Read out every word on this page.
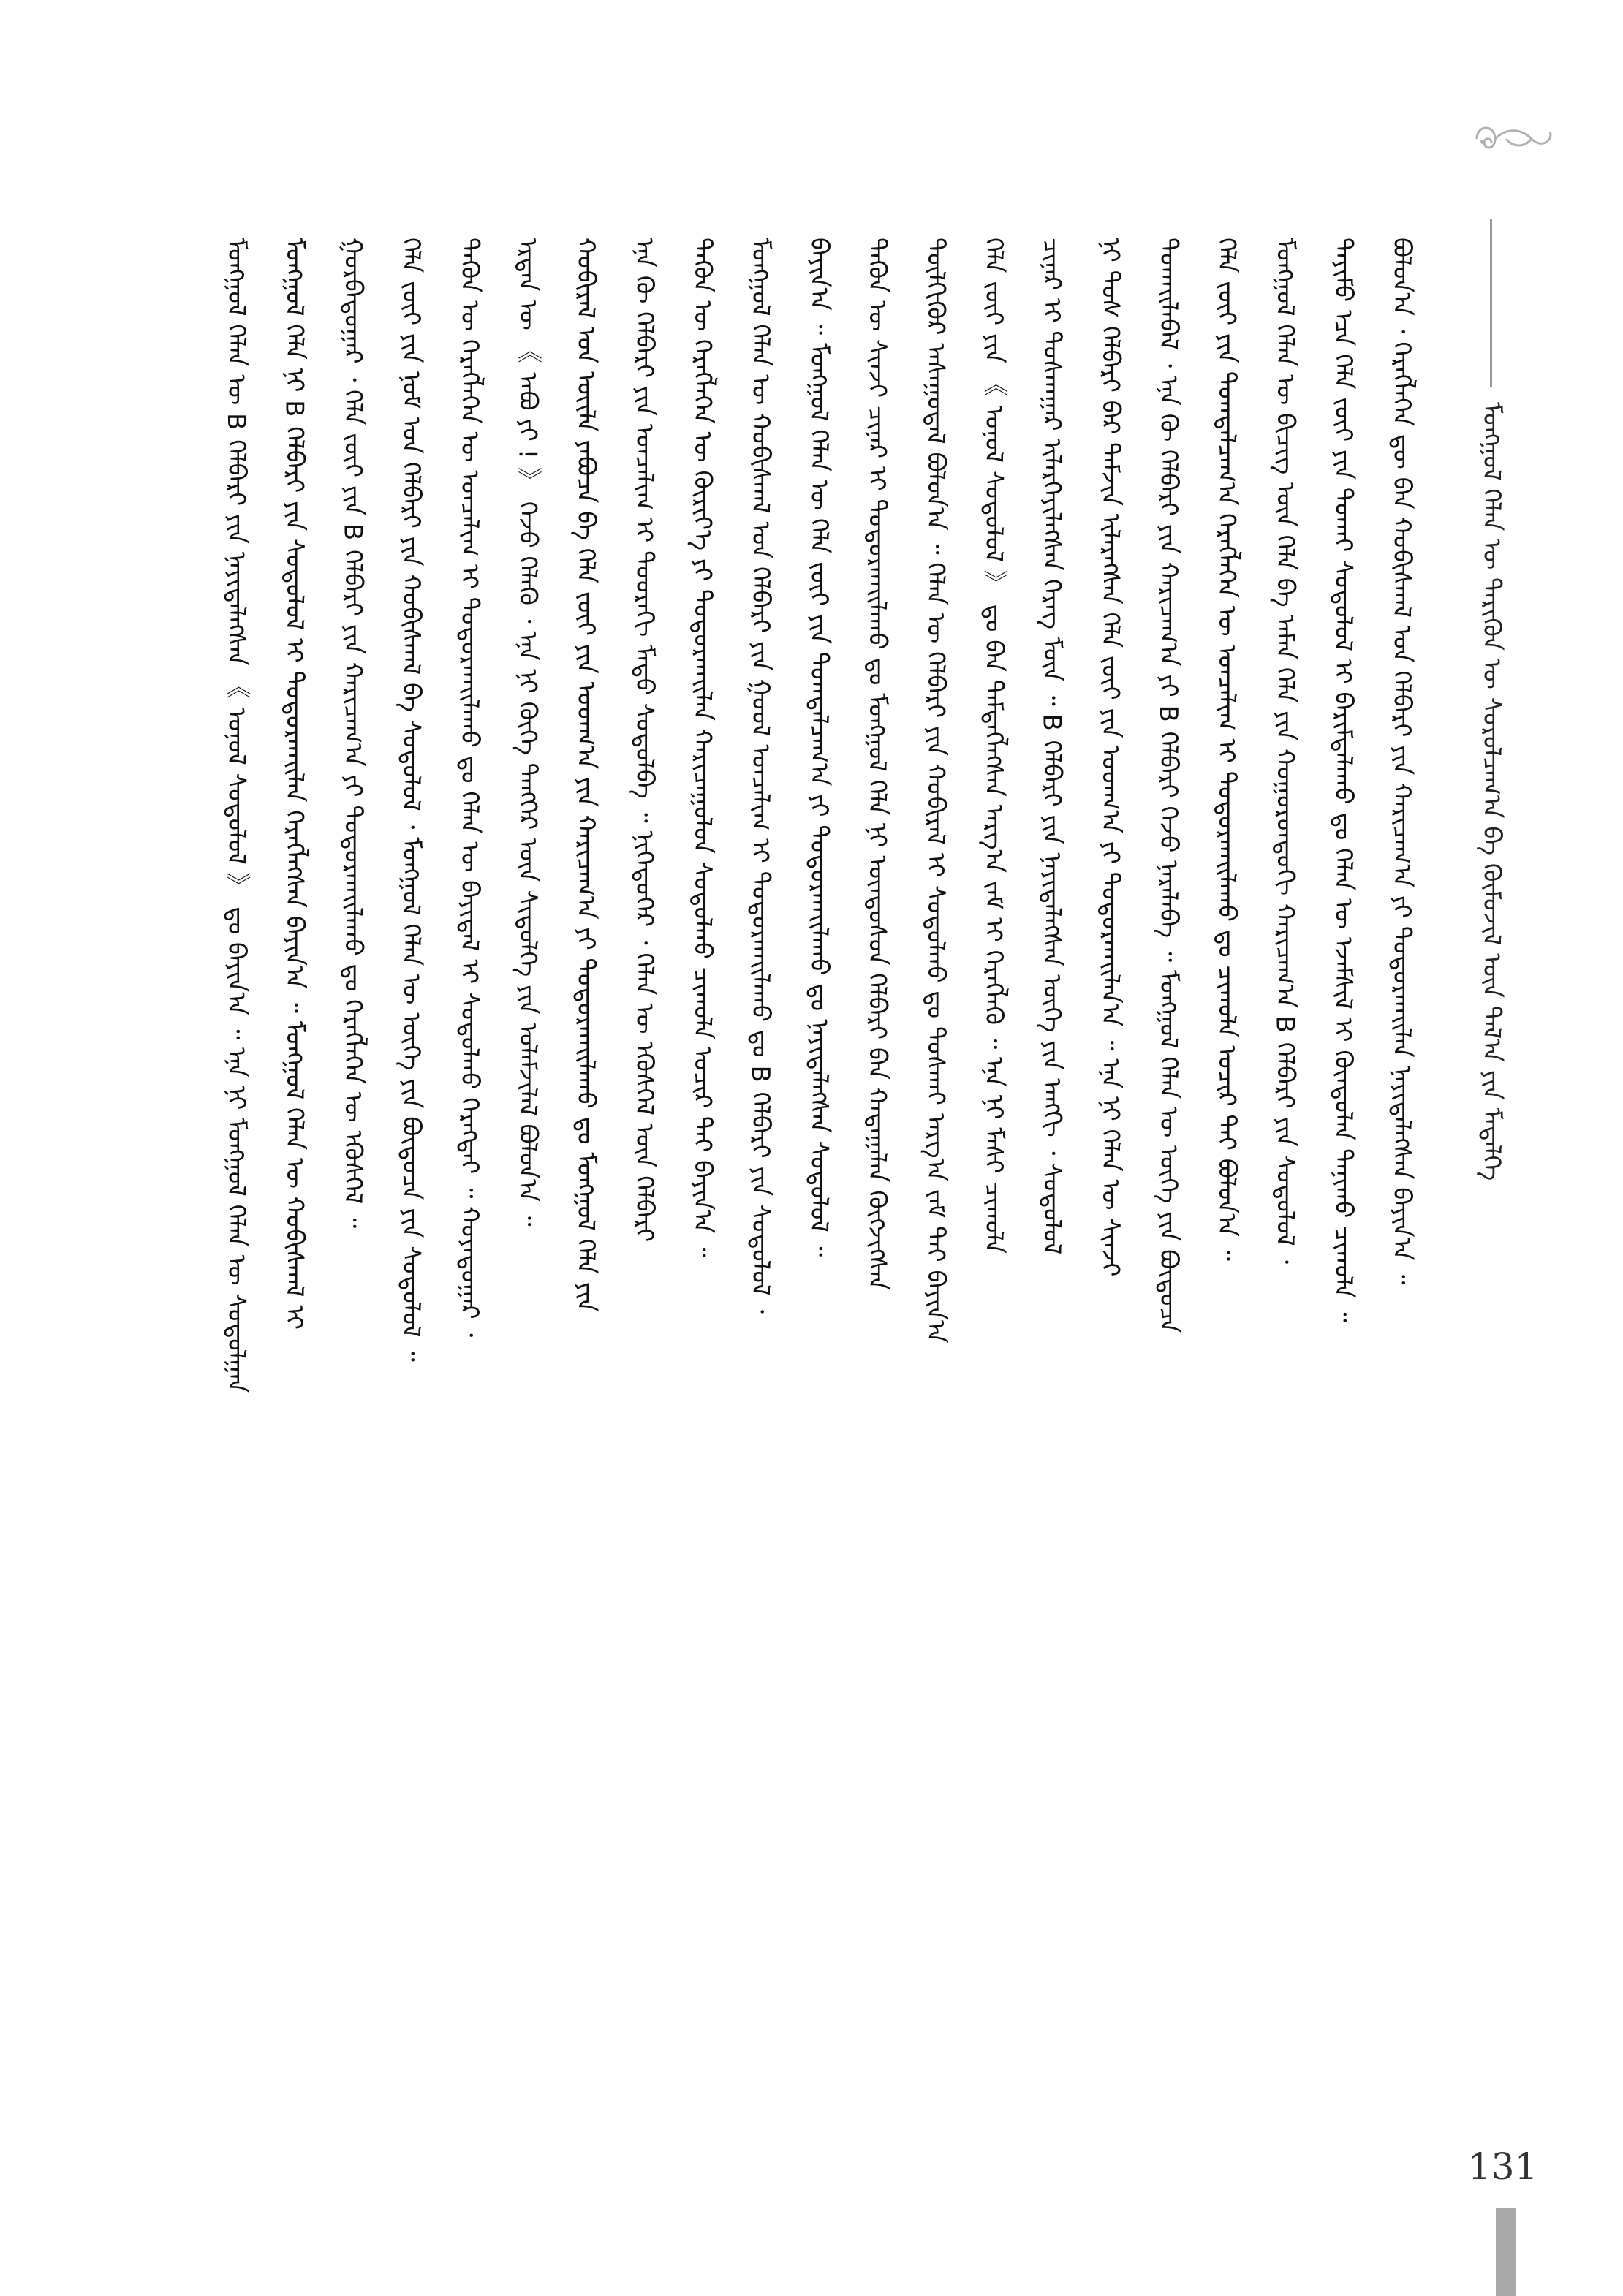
ᠮᠣᠩᠭᠣᠯ ᠬᠡᠯᠡᠨ ᠦ ᠲᠡᠷᠢᠭᠦᠨ ᠦ ᠰᠤᠷᠤᠯᠴᠠᠭ᠎ᠠ ᠪᠠ ᠬᠦᠮᠦᠵᠢᠯ ᠦᠨ ᠲᠠᠯ᠎ᠠ ᠶᠢᠨ ᠮᠡᠳᠡᠯᠭᠡ
ᠪᠣᠯᠤᠨ᠎ᠠ ᠂ ᠬᠡᠷᠡᠭᠯᠡᠭᠡᠨ ᠳᠦ ᠪᠠᠨ ᠬᠤᠪᠢᠰᠬᠠᠯ ᠤᠨ ᠬᠡᠯᠪᠡᠷᠢ ᠶᠢᠨ ᠬᠠᠷᠢᠴᠠᠭ᠎ᠠ ᠶᠢ ᠲᠣᠳᠤᠷᠬᠠᠢᠯᠠᠨ ᠨᠡᠶᠢᠲᠡᠯᠡᠭᠰᠡᠨ ᠪᠠᠶᠢᠨ᠎ᠠ ᠃
ᠲᠡᠶᠢᠮᠦ ᠡᠴᠡ ᠬᠡᠯᠡ ᠵᠦᠢ ᠶᠢᠨ ᠲᠤᠬᠠᠢ ᠰᠤᠳᠤᠯᠤᠯ ᠢ ᠪᠠᠷᠢᠮᠲᠠᠯᠠᠬᠤ ᠳᠤ ᠬᠡᠯᠡᠨ ᠦ ᠡᠵᠡᠮᠰᠢᠯ ᠢ ᠬᠦᠨᠳᠦᠯᠡᠨ ᠲᠠᠨᠢᠬᠤ ᠴᠢᠬᠤᠯᠠ ᠃
ᠮᠣᠩᠭᠣᠯ ᠬᠡᠯᠡᠨ ᠦ ᠪᠢᠴᠢᠭ ᠦᠨ ᠬᠡᠯᠡ ᠪᠠ ᠠᠮᠠᠨ ᠬᠡᠯᠡ ᠶᠢᠨ ᠬᠣᠭᠣᠷᠣᠨᠳᠣᠬᠢ ᠬᠠᠷᠢᠴᠠᠭ᠎ᠠ B ᠬᠡᠯᠪᠡᠷᠢ ᠶᠢᠨ ᠰᠤᠳᠤᠯᠤᠯ ᠂
ᠬᠡᠯᠡ ᠵᠦᠢ ᠶᠢᠨ ᠲᠣᠭᠲᠠᠯᠴᠠᠭ᠎ᠠ ᠬᠡᠷᠡᠭᠯᠡᠭᠡᠨ ᠦ ᠣᠨᠴᠠᠯᠢᠭ ᠢ ᠲᠣᠳᠤᠷᠬᠠᠢᠯᠠᠬᠤ ᠳᠤ ᠴᠢᠬᠤᠯᠠ ᠤᠴᠢᠷ ᠲᠠᠢ ᠪᠣᠯᠤᠨ᠎ᠠ ᠃
ᠲᠤᠬᠠᠢᠯᠠᠪᠠᠯ ᠂ ᠡᠨᠡ ᠬᠦ ᠬᠡᠯᠪᠡᠷᠢ ᠶᠢᠨ ᠬᠠᠷᠢᠴᠠᠭ᠎ᠠ ᠶᠢ B ᠬᠡᠯᠪᠡᠷᠢ ᠭᠡᠵᠦ ᠨᠡᠷᠡᠯᠡᠪᠡ ᠃ ᠮᠣᠩᠭᠣᠯ ᠬᠡᠯᠡᠨ ᠦ ᠦᠭᠡ ᠶᠢᠨ ᠪᠦᠲᠦᠴᠡ
ᠨᠢ ᠲᠤᠰ ᠬᠡᠯᠪᠡᠷᠢ ᠪᠠᠷ ᠳᠠᠮᠵᠢᠨ ᠢᠯᠡᠷᠡᠭᠰᠡᠨ ᠬᠡᠯᠡ ᠵᠦᠢ ᠶᠢᠨ ᠤᠳᠬ᠎ᠠ ᠶᠢ ᠲᠣᠳᠤᠷᠬᠠᠢᠯᠠᠨ᠎ᠠ ᠃ ᠡᠨᠡ ᠨᠢ ᠬᠡᠯᠡᠨ ᠦ ᠰᠢᠨᠵᠢ
ᠴᠢᠨᠠᠷ ᠢ ᠲᠤᠰᠬᠠᠭᠠᠷ ᠢᠯᠡᠷᠬᠡᠶᠢᠯᠡᠭᠰᠡᠨ ᠬᠡᠷᠡᠭ ᠮᠥᠨ ᠃ B ᠬᠡᠯᠪᠡᠷᠢ ᠶᠢᠨ ᠨᠡᠶᠢᠲᠡᠯᠡᠭᠰᠡᠨ ᠦᠭᠡ ᠶᠢᠨ ᠠᠩᠭᠢ ᠂ ᠰᠤᠳᠤᠯᠤᠯ
ᠬᠡᠯᠡ ᠵᠦᠢ ᠶᠢᠨ 《 ᠣᠨᠤᠯ ᠰᠤᠳᠤᠯᠤᠯ 》 ᠳᠤ ᠪᠠᠨ ᠲᠡᠮᠳᠡᠭᠯᠡᠭᠰᠡᠨ ᠠᠷᠭ᠎ᠠ ᠵᠠᠮ ᠢ ᠬᠡᠷᠡᠭᠯᠡᠬᠦ ᠃ ᠡᠨᠡ ᠨᠢ ᠮᠠᠰᠢ ᠴᠢᠬᠤᠯᠠ
ᠲᠦᠯᠬᠢᠭᠦᠷ ᠠᠰᠠᠭᠤᠳᠠᠯ ᠪᠣᠯᠤᠨ᠎ᠠ ᠃ ᠬᠡᠯᠡᠨ ᠦ ᠬᠡᠯᠪᠡᠷᠢ ᠶᠢᠨ ᠬᠤᠪᠢᠷᠠᠯ ᠢ ᠰᠤᠳᠤᠯᠬᠤ ᠳᠤ ᠲᠤᠰᠬᠠᠢ ᠠᠷᠭ᠎ᠠ ᠵᠠᠮ ᠲᠠᠢ ᠪᠠᠶᠢᠨ᠎ᠠ
ᠲᠡᠭᠦᠨ ᠦ ᠰᠢᠨᠵᠢ ᠴᠢᠨᠠᠷ ᠢ ᠲᠣᠳᠤᠷᠬᠠᠢᠯᠠᠬᠤ ᠳᠤ ᠮᠣᠩᠭᠣᠯ ᠬᠡᠯᠡ ᠨᠢ ᠦᠨᠳᠦᠰᠦᠨ ᠬᠡᠯᠪᠡᠷᠢ ᠪᠡᠨ ᠬᠠᠳᠠᠭᠠᠯᠠᠨ ᠬᠥᠭᠵᠢᠭᠰᠡᠨ
ᠪᠠᠶᠢᠨ᠎ᠠ ᠃ ᠮᠣᠩᠭᠣᠯ ᠬᠡᠯᠡᠨ ᠦ ᠬᠡᠯᠡ ᠵᠦᠢ ᠶᠢᠨ ᠲᠣᠭᠲᠠᠯᠴᠠᠭ᠎ᠠ ᠶᠢ ᠲᠣᠳᠤᠷᠬᠠᠢᠯᠠᠬᠤ ᠳᠤ ᠨᠡᠶᠢᠲᠡᠯᠡᠭᠰᠡᠨ ᠰᠤᠳᠤᠯᠤᠯ ᠃
ᠮᠣᠩᠭᠣᠯ ᠬᠡᠯᠡᠨ ᠦ ᠬᠤᠪᠢᠰᠬᠠᠯ ᠤᠨ ᠬᠡᠯᠪᠡᠷᠢ ᠶᠢᠨ ᠭᠣᠣᠯ ᠣᠨᠴᠠᠯᠢᠭ ᠢ ᠲᠣᠳᠤᠷᠬᠠᠢᠯᠠᠬᠤ ᠳᠤ B ᠬᠡᠯᠪᠡᠷᠢ ᠶᠢᠨ ᠰᠤᠳᠤᠯᠤᠯ ᠂
ᠲᠡᠭᠦᠨ ᠦ ᠬᠡᠷᠡᠭᠯᠡᠭᠡᠨ ᠦ ᠬᠦᠷᠢᠶ᠎ᠡ ᠶᠢ ᠲᠣᠳᠤᠷᠬᠠᠢᠯᠠᠨ ᠬᠠᠷᠢᠴᠠᠭᠤᠯᠤᠨ ᠰᠤᠳᠤᠯᠬᠤ ᠴᠢᠬᠤᠯᠠ ᠤᠴᠢᠷ ᠲᠠᠢ ᠪᠠᠶᠢᠨ᠎ᠠ ᠃
ᠡᠨᠡ ᠬᠦ ᠬᠡᠯᠪᠡᠷᠢ ᠶᠢᠨ ᠣᠨᠴᠠᠯᠢᠭ ᠢ ᠳᠣᠣᠷᠠᠬᠢ ᠮᠡᠲᠦ ᠰᠤᠳᠤᠯᠪᠠ ᠃ ᠨᠢᠭᠡᠳᠦᠭᠡᠷ ᠂ ᠬᠡᠯᠡᠨ ᠦ ᠡᠭᠦᠰᠬᠡᠯ ᠦᠨ ᠬᠡᠯᠪᠡᠷᠢ
ᠬᠤᠪᠢᠷᠠᠯ ᠤᠨ ᠦᠢᠯᠡ ᠶᠠᠪᠤᠴᠠ ᠪᠠ ᠬᠡᠯᠡ ᠵᠦᠢ ᠶᠢᠨ ᠤᠳᠬ᠎ᠠ ᠶᠢᠨ ᠬᠠᠷᠢᠴᠠᠭ᠎ᠠ ᠶᠢ ᠲᠣᠳᠤᠷᠬᠠᠢᠯᠠᠬᠤ ᠳᠤ ᠮᠣᠩᠭᠣᠯ ᠬᠡᠯᠡ ᠶᠢᠨ
ᠡᠷᠲᠡᠨ ᠦ 《 ᠠᠪᠤ ᠶᠢ ! 》 ᠭᠡᠵᠦ ᠬᠡᠯᠡᠬᠦ ᠂ ᠡᠨᠡ ᠨᠢ ᠬᠥᠬᠡ ᠲᠡᠩᠭᠡᠷ ᠦᠨ ᠰᠢᠲᠦᠯᠭᠡ ᠶᠢᠨ ᠤᠯᠠᠮᠵᠢᠯᠠᠯ ᠪᠣᠯᠤᠨ᠎ᠠ ᠃
ᠲᠡᠭᠦᠨ ᠦ ᠬᠡᠷᠡᠭᠯᠡᠭᠡᠨ ᠦ ᠣᠨᠴᠠᠯᠢᠭ ᠢ ᠲᠣᠳᠤᠷᠬᠠᠢᠯᠠᠬᠤ ᠳᠤ ᠬᠡᠯᠡᠨ ᠦ ᠪᠠᠶᠢᠳᠠᠯ ᠢ ᠰᠤᠳᠤᠯᠬᠤ ᠬᠡᠷᠡᠭᠲᠡᠢ ᠃ ᠬᠣᠶᠠᠳᠤᠭᠠᠷ ᠂
ᠬᠡᠯᠡ ᠵᠦᠢ ᠶᠢᠨ ᠨᠣᠮ ᠤᠨ ᠬᠡᠯᠪᠡᠷᠢ ᠶᠢᠨ ᠬᠤᠪᠢᠰᠬᠠᠯ ᠪᠠ ᠰᠤᠳᠤᠯᠤᠯ ᠂ ᠮᠣᠩᠭᠣᠯ ᠬᠡᠯᠡᠨ ᠦ ᠦᠭᠡ ᠶᠢᠨ ᠪᠦᠲᠦᠴᠡ ᠶᠢᠨ ᠰᠤᠳᠤᠯᠤᠯ ᠃
ᠭᠤᠷᠪᠠᠳᠤᠭᠠᠷ ᠂ ᠬᠡᠯᠡ ᠵᠦᠢ ᠶᠢᠨ B ᠬᠡᠯᠪᠡᠷᠢ ᠶᠢᠨ ᠬᠠᠷᠢᠴᠠᠭ᠎ᠠ ᠶᠢ ᠲᠣᠳᠤᠷᠬᠠᠢᠯᠠᠬᠤ ᠳᠤ ᠬᠡᠷᠡᠭᠯᠡᠭᠡᠨ ᠦ ᠡᠭᠦᠰᠬᠡᠯ ᠃
ᠮᠣᠩᠭᠣᠯ ᠬᠡᠯᠡ ᠨᠢ B ᠬᠡᠯᠪᠡᠷᠢ ᠶᠢᠨ ᠰᠤᠳᠤᠯᠤᠯ ᠢ ᠲᠣᠳᠤᠷᠬᠠᠢᠯᠠᠨ ᠬᠡᠷᠡᠭᠯᠡᠭᠰᠡᠨ ᠪᠠᠶᠢᠨ᠎ᠠ ᠃ ᠮᠣᠩᠭᠣᠯ ᠬᠡᠯᠡᠨ ᠦ ᠬᠤᠪᠢᠰᠬᠠᠯ ᠢ
ᠮᠣᠩᠭᠣᠯ ᠬᠡᠯᠡᠨ ᠦ B ᠬᠡᠯᠪᠡᠷᠢ ᠶᠢᠨ ᠨᠡᠶᠢᠲᠡᠯᠡᠭᠰᠡᠨ 《 ᠣᠨᠤᠯ ᠰᠤᠳᠤᠯᠤᠯ 》 ᠳᠤ ᠪᠠᠶᠢᠨ᠎ᠠ ᠃ ᠡᠨᠡ ᠨᠢ ᠮᠣᠩᠭᠣᠯ ᠬᠡᠯᠡᠨ ᠦ ᠰᠤᠳᠤᠯᠭᠠᠨ
131
